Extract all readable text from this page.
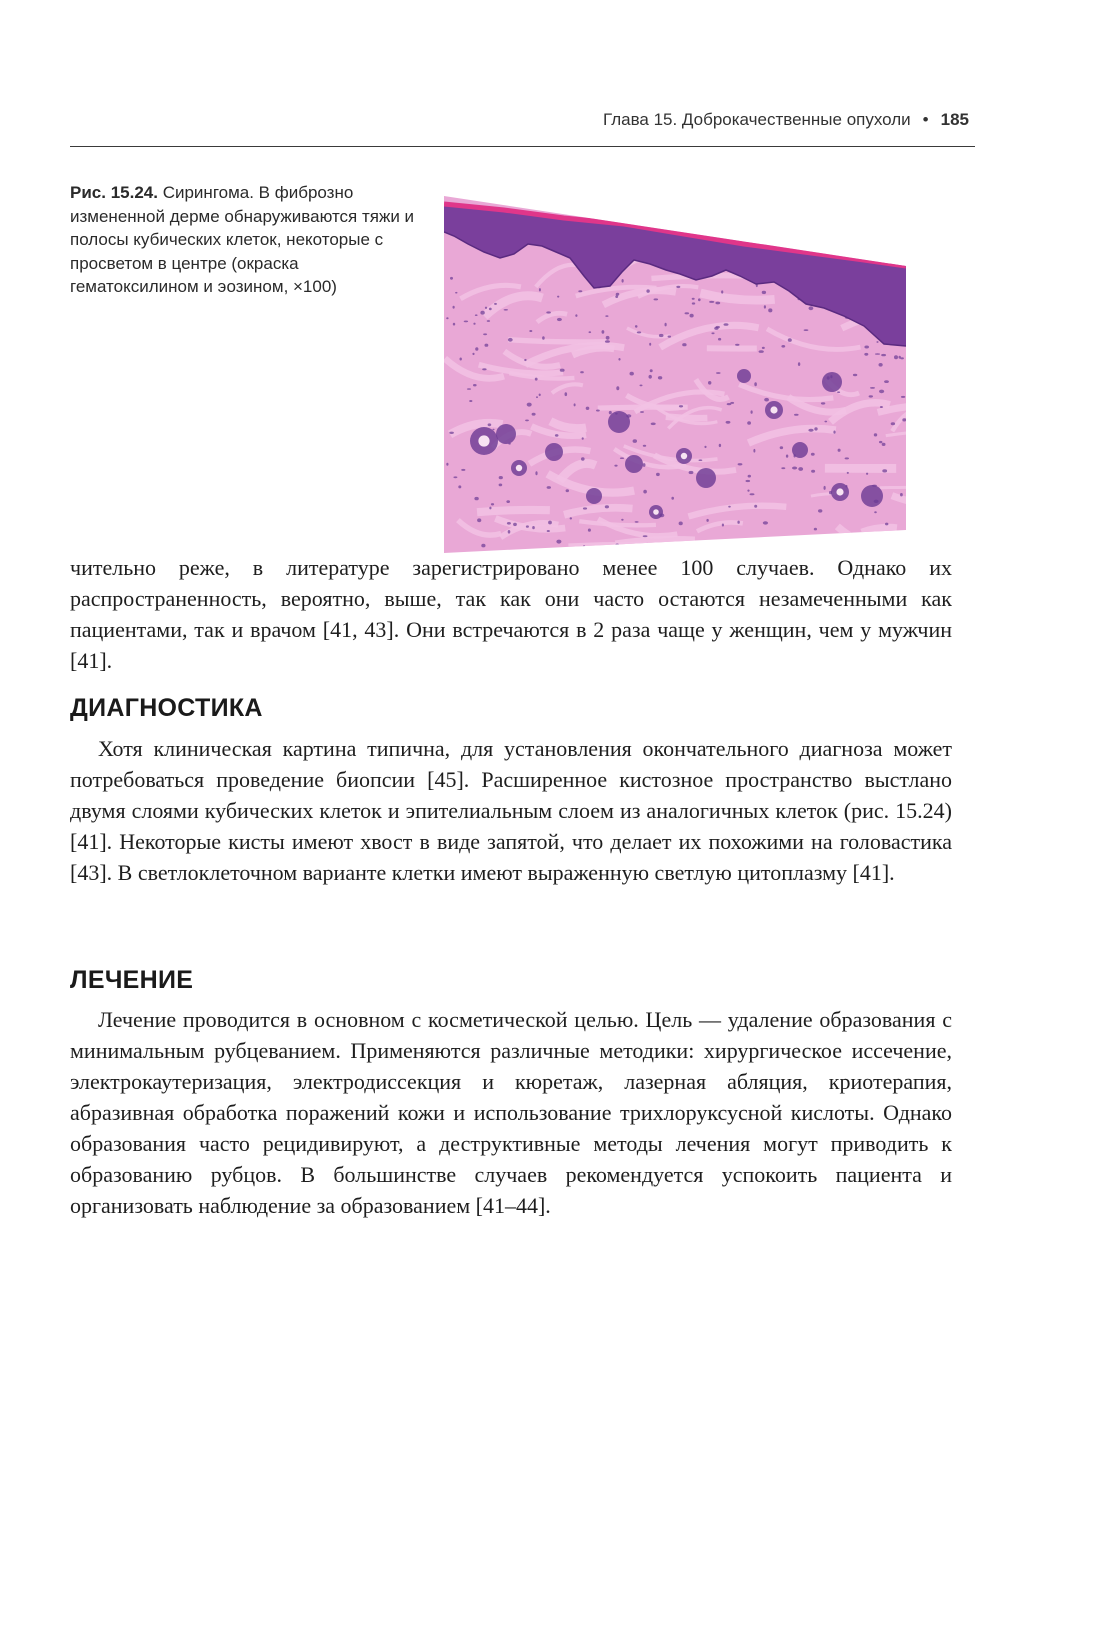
Глава 15. Доброкачественные опухоли • 185
Рис. 15.24. Сирингома. В фиброзно измененной дерме обнаруживаются тяжи и полосы кубических клеток, некоторые с просветом в центре (окраска гематоксилином и эозином, ×100)

чительно реже, в литературе зарегистрировано менее 100 случаев. Однако их распространенность, вероятно, выше, так как они часто остаются незамеченными как пациентами, так и врачом [41, 43]. Они встречаются в 2 раза чаще у женщин, чем у мужчин [41].

ДИАГНОСТИКА

Хотя клиническая картина типична, для установления окончательного диагноза может потребоваться проведение биопсии [45]. Расширенное кистозное пространство выстлано двумя слоями кубических клеток и эпителиальным слоем из аналогичных клеток (рис. 15.24) [41]. Некоторые кисты имеют хвост в виде запятой, что делает их похожими на головастика [43]. В светлоклеточном варианте клетки имеют выраженную светлую цитоплазму [41].

ЛЕЧЕНИЕ

Лечение проводится в основном с косметической целью. Цель — удаление образования с минимальным рубцеванием. Применяются различные методики: хирургическое иссечение, электрокаутеризация, электродиссекция и кюретаж, лазерная абляция, криотерапия, абразивная обработка поражений кожи и использование трихлоруксусной кислоты. Однако образования часто рецидивируют, а деструктивные методы лечения могут приводить к образованию рубцов. В большинстве случаев рекомендуется успокоить пациента и организовать наблюдение за образованием [41–44].
